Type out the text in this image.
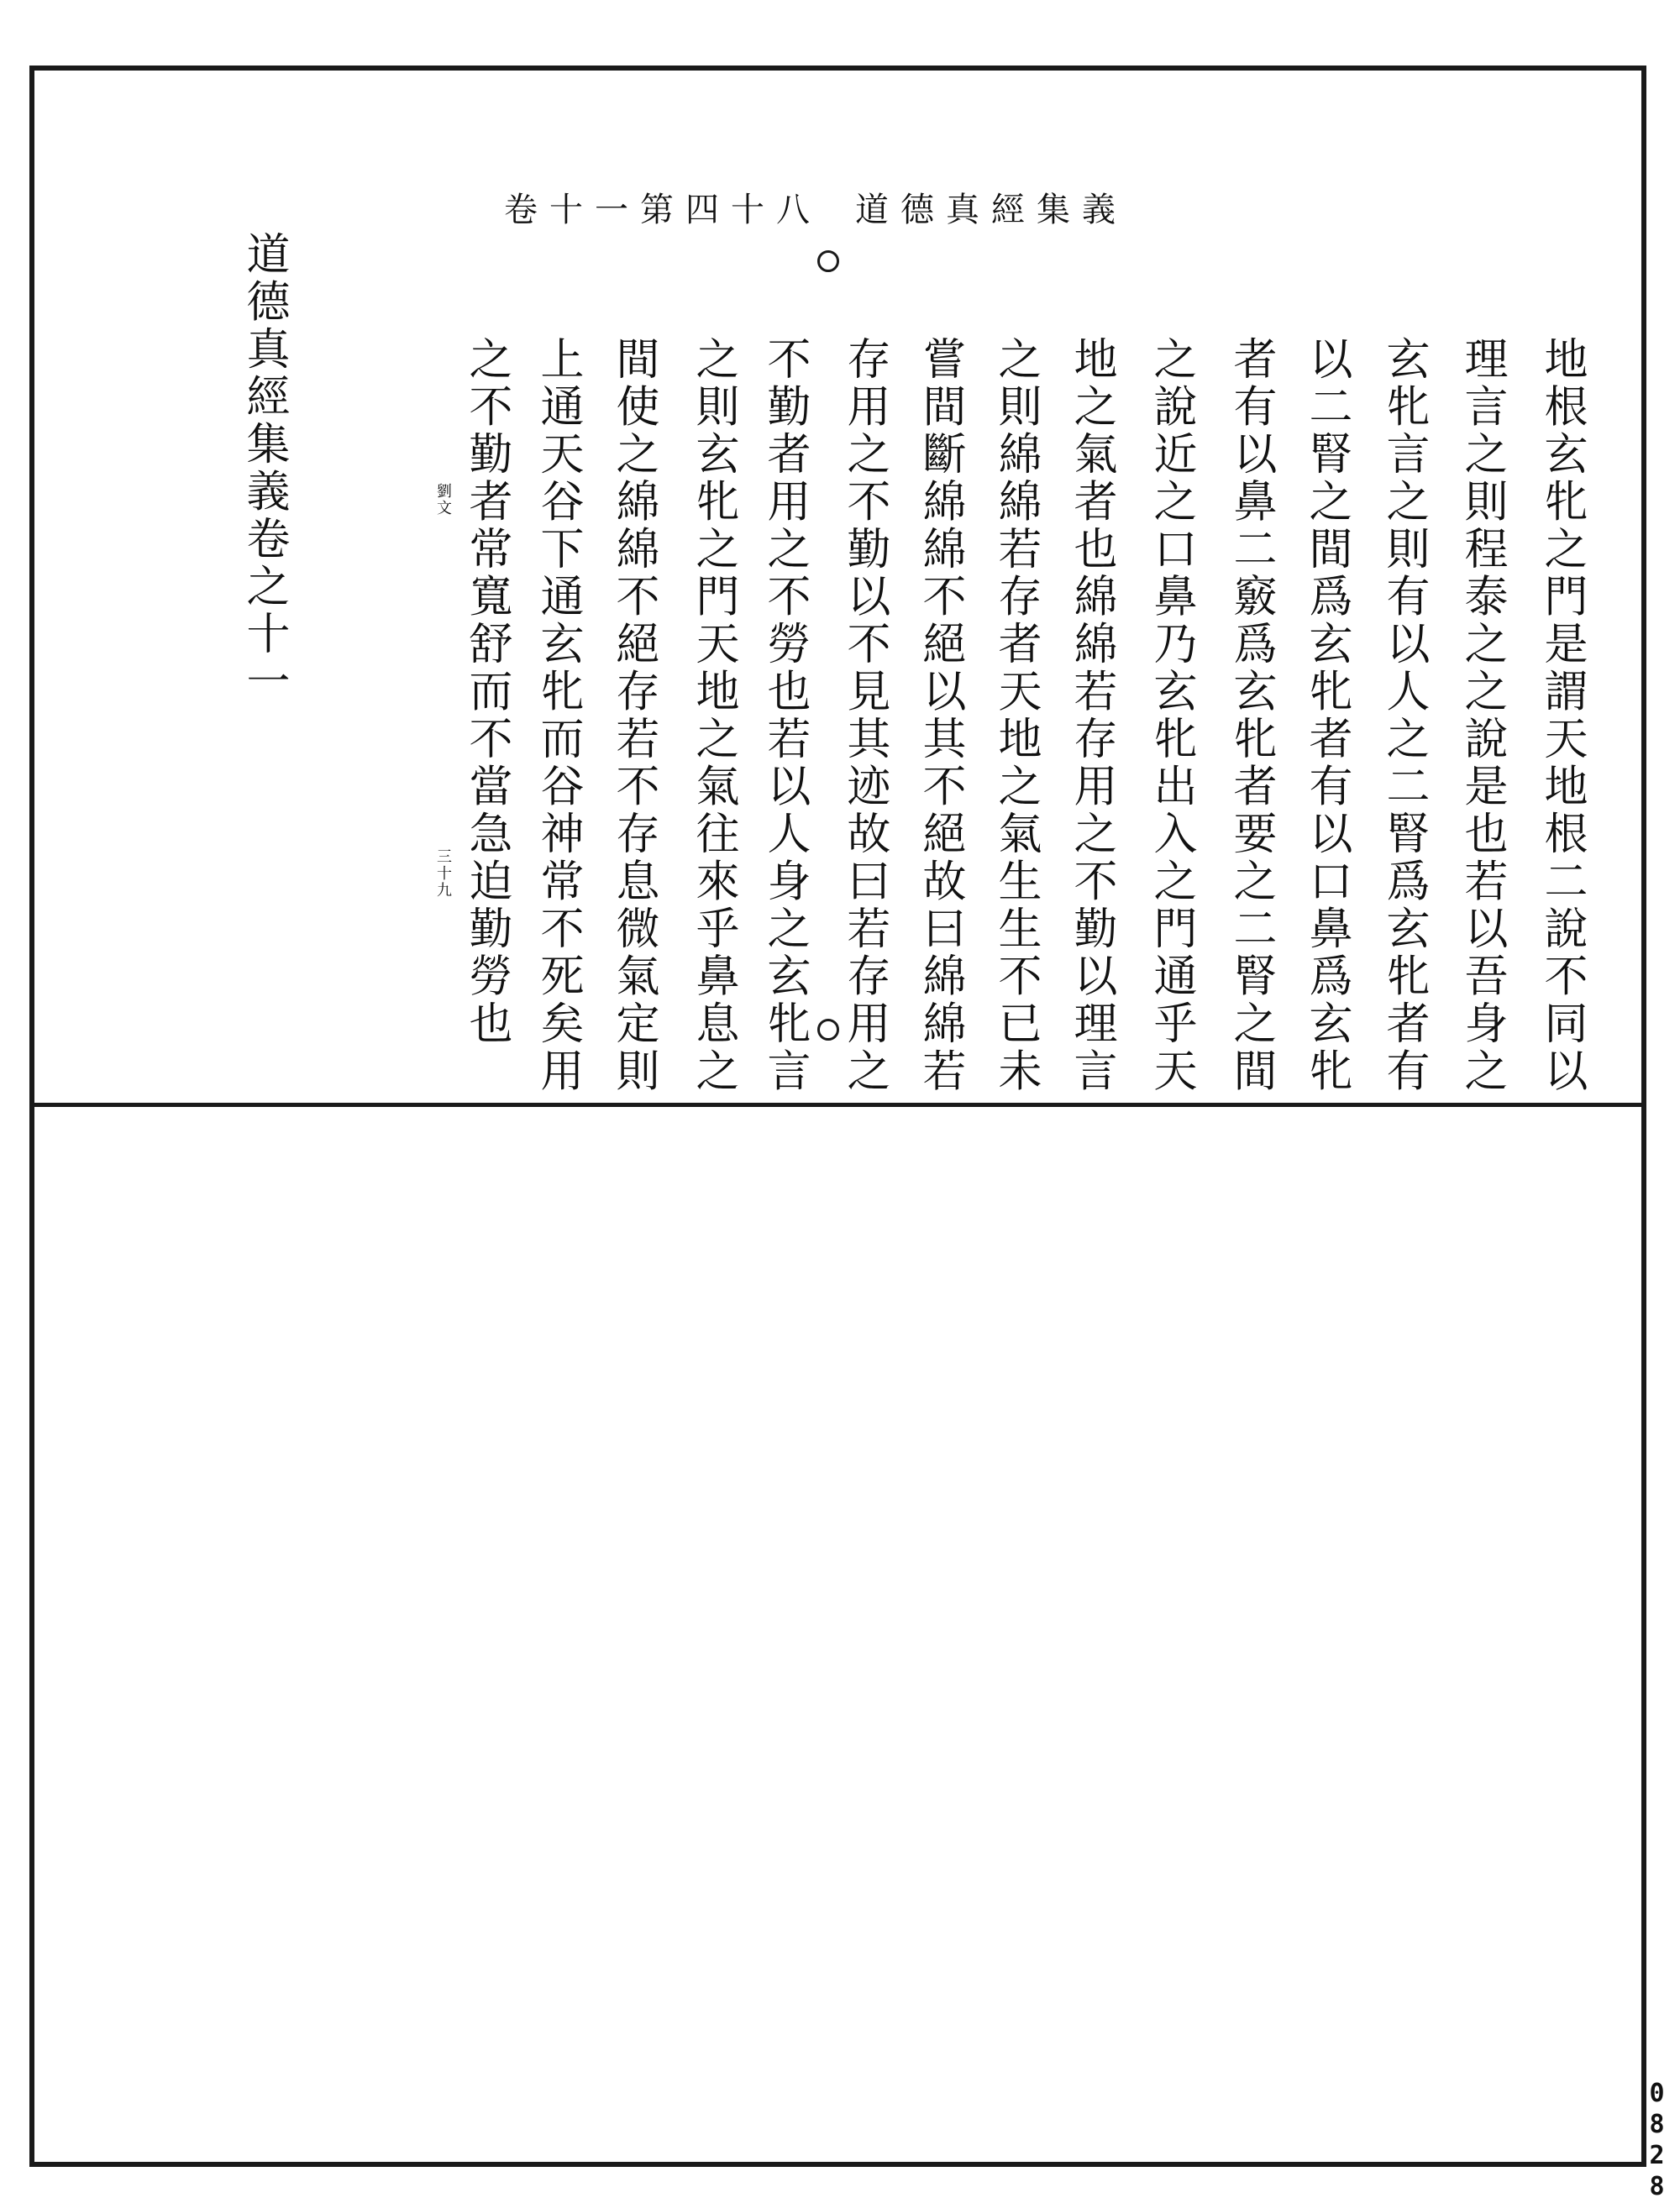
卷十一第四十八 道德真經集義
地根玄牝之門是謂天地根二說不同以
理言之則程泰之之說是也若以吾身之
玄牝言之則有以人之二腎爲玄牝者有
以二腎之間爲玄牝者有以口鼻爲玄牝
者有以鼻二竅爲玄牝者要之二腎之間
之說近之口鼻乃玄牝出入之門通乎天
地之氣者也綿綿若存用之不勤以理言
之則綿綿若存者天地之氣生生不已未
嘗間斷綿綿不絕以其不絕故曰綿綿若
存用之不勤以不見其迹故曰若存用之
不勤者用之不勞也若以人身之玄牝言
之則玄牝之門天地之氣往來乎鼻息之
間使之綿綿不絕存若不存息微氣定則
上通天谷下通玄牝而谷神常不死矣用
之不勤者常寬舒而不當急迫勤勞也
劉文
三十九
道德真經集義卷之十一
0828
